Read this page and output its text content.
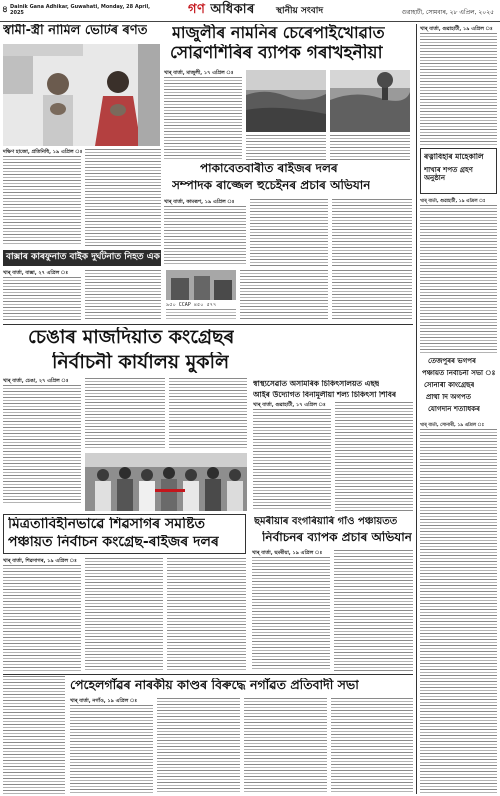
৪ Dainik Gana Adhikar, Guwahati, Monday, 28 April, 2025	গণ অধিকাৰ স্থানীয় সংবাদ	গুৱাহাটী, সোমবাৰ, ২৮ এপ্ৰিল, ২০২৫
স্বামী-স্ত্ৰী নামিল ভোটৰ ৰণত
দক্ষিণ হাজো, প্ৰতিনিধি, ১৯ এপ্ৰিল ঃ
মাজুলীৰ নামনিৰ চেৰেপাইখোৱাত
সোৱণশিৰিৰ ব্যাপক গৰাখহনীয়া
খাৰ্ বাৰ্তা, মাজুলী, ১৭ এপ্ৰিল ঃ
পাকাবেতবাৰীত ৰাইজৰ দলৰ
সম্পাদক ৰাজ্জেল হুচেইনৰ প্ৰচাৰ অভিযান
খাৰ্ বাৰ্তা, কামৰূপ, ১৯ এপ্ৰিল ঃ
বাক্সাৰ কাৰফুনাত বাইক দুৰ্ঘটনাত নিহত এক
খাৰ্ বাৰ্তা, বাক্সা, ২৭ এপ্ৰিল ঃ
৯৫০ CCAP ৪৫০ ৫৭৭
চেঙাৰ মাজদিয়াত কংগ্ৰেছৰ
নিৰ্বাচনী কাৰ্যালয় মুকলি
খাৰ্ বাৰ্তা, চেঙা, ২৭ এপ্ৰিল ঃ	স্বাস্থ্যসেৱাত অসামৰিক চিকিৎসালয়ত এছছ
আইৰ উদ্যোগত বিনামূলীয়া শল্য চিকিৎসা শিবিৰ
খাৰ্ বাৰ্তা, গুৱাহাটী, ১৭ এপ্ৰিল ঃ
মিত্ৰতাবিহীনভাৱে শিৱসাগৰ সমষ্টিত
পঞ্চায়ত নিৰ্বাচন কংগ্ৰেছ-ৰাইজৰ দলৰ
খাৰ্ বাৰ্তা, শিৱসাগৰ, ১৯ এপ্ৰিল ঃ
ছমৰীয়াৰ বংগৰিয়াৰি গাঁও পঞ্চায়তত
নিৰ্বাচনৰ ব্যাপক প্ৰচাৰ অভিযান
খাৰ্ বাৰ্তা, ছমৰীয়া, ১৯ এপ্ৰিল ঃ
পেহেলগাঁৱৰ নাৰকীয় কাণ্ডৰ বিৰুদ্ধে নগাঁৱত প্ৰতিবাদী সভা
খাৰ্ বাৰ্তা, নগাঁও, ১৯ এপ্ৰিল ঃ
খাৰ্ বাৰ্তা, গুৱাহাটী, ১৯ এপ্ৰিল ঃ
ৰত্নাবিহাৰ মাহেকালি
শাখাৰ শপত গ্ৰহণ অনুষ্ঠান
খাৰ্ বাৰ্তা, গুৱাহাটী, ১৯ এপ্ৰিল ঃ
তেজপুৰৰ ভগপৰ
পঞ্চায়ত নিৰ্বাচনী সভা ঃ
সোনাৰী কাংগ্ৰেছৰ
প্ৰাৰ্থী দি অগপত
যোগদান শতাধিকৰ
খাৰ্ বাৰ্তা, সোনাৰী, ১৯ এপ্ৰিল ঃ
